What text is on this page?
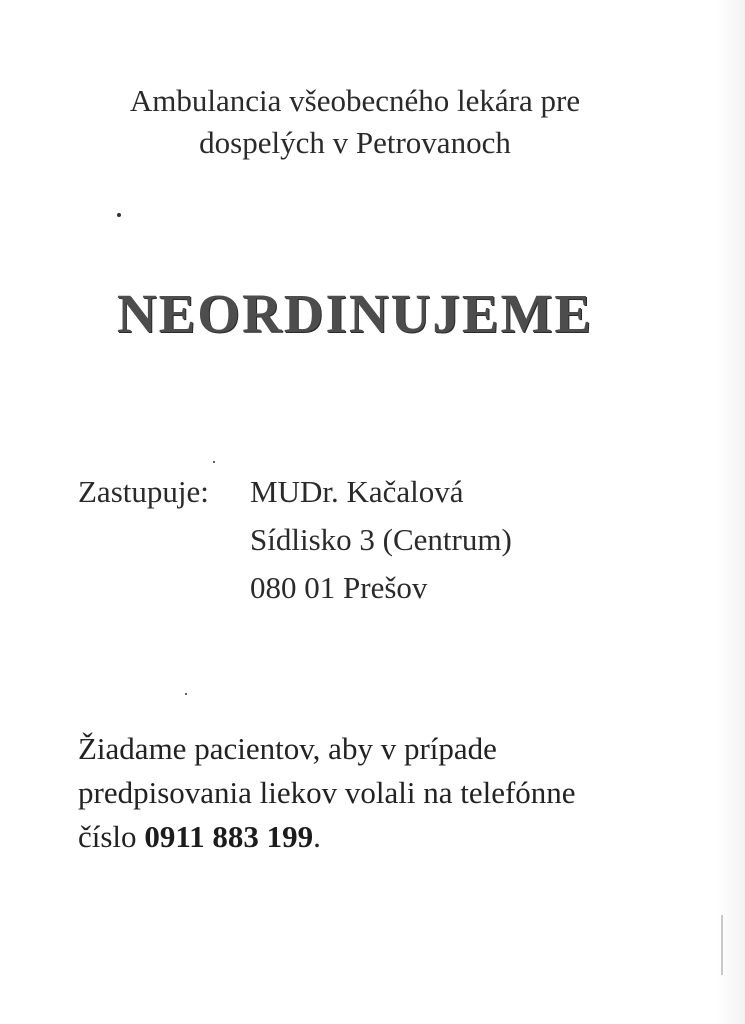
Ambulancia všeobecného lekára pre
dospelých v Petrovanoch
NEORDINUJEME
Zastupuje: MUDr. Kačalová
Sídlisko 3 (Centrum)
080 01 Prešov
Žiadame pacientov, aby v prípade
predpisovania liekov volali na telefónne
číslo 0911 883 199.
